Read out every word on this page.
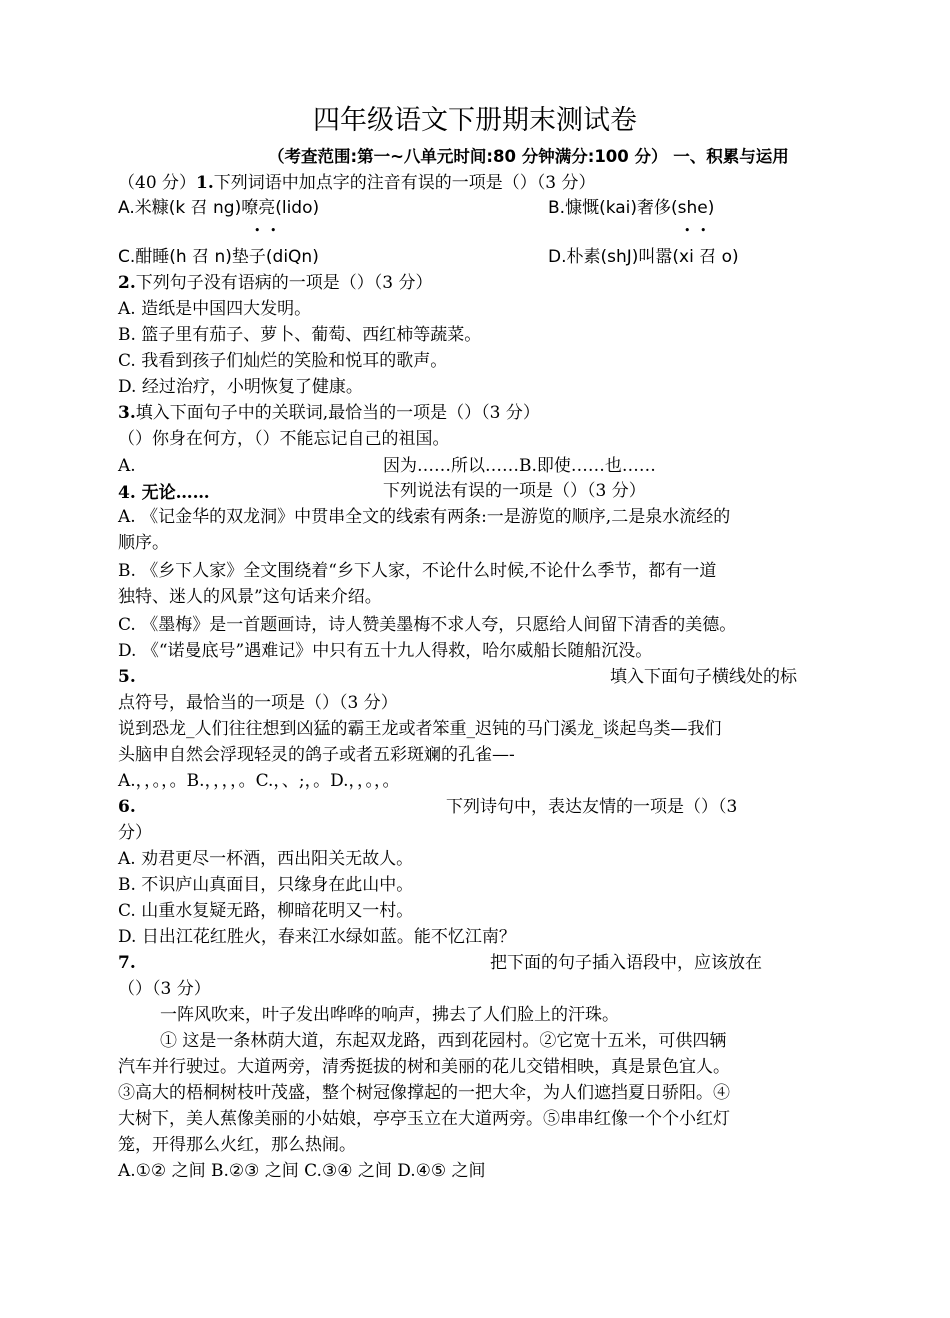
四年级语文下册期末测试卷
（考查范围:第一~八单元时间:80 分钟满分:100 分） 一、积累与运用
（40 分）1.下列词语中加点字的注音有误的一项是（）（3 分）
A.米糠(k 召 ng)嘹亮(lido)	B.慷慨(kai)奢侈(she)
• •	• •
C.酣睡(h 召 n)垫子(diQn)	D.朴素(shJ)叫嚣(xi 召 o)
2.下列句子没有语病的一项是（）（3 分）
A. 造纸是中国四大发明。
B. 篮子里有茄子、萝卜、葡萄、西红柿等蔬菜。
C. 我看到孩子们灿烂的笑脸和悦耳的歌声。
D. 经过治疗，小明恢复了健康。
3.填入下面句子中的关联词,最恰当的一项是（）（3 分）
（）你身在何方，（）不能忘记自己的祖国。
A.	因为……所以……B.即使……也……
4. 无论……	下列说法有误的一项是（）（3 分）
A. 《记金华的双龙洞》中贯串全文的线索有两条:一是游览的顺序,二是泉水流经的
顺序。
B. 《乡下人家》全文围绕着“乡下人家，不论什么时候,不论什么季节，都有一道
独特、迷人的风景”这句话来介绍。
C. 《墨梅》是一首题画诗，诗人赞美墨梅不求人夸，只愿给人间留下清香的美德。
D. 《“诺曼底号”遇难记》中只有五十九人得救，哈尔威船长随船沉没。
5.	填入下面句子横线处的标
点符号，最恰当的一项是（）（3 分）
说到恐龙_人们往往想到凶猛的霸王龙或者笨重_迟钝的马门溪龙_谈起鸟类—我们
头脑申自然会浮现轻灵的鸽子或者五彩斑斓的孔雀—-
A.，，。，。B.，，，，。C.，、;，。D.，，。，。
6.	下列诗句中，表达友情的一项是（）（3
分）
A. 劝君更尽一杯酒，西出阳关无故人。
B. 不识庐山真面目，只缘身在此山中。
C. 山重水复疑无路，柳暗花明又一村。
D. 日出江花红胜火，春来江水绿如蓝。能不忆江南？
7.	把下面的句子插入语段中，应该放在
（）（3 分）
一阵风吹来，叶子发出哗哗的响声，拂去了人们脸上的汗珠。
① 这是一条林荫大道，东起双龙路，西到花园村。②它宽十五米，可供四辆
汽车并行驶过。大道两旁，清秀挺拔的树和美丽的花儿交错相映，真是景色宜人。
③高大的梧桐树枝叶茂盛，整个树冠像撑起的一把大伞，为人们遮挡夏日骄阳。④
大树下，美人蕉像美丽的小姑娘，亭亭玉立在大道两旁。⑤串串红像一个个小红灯
笼，开得那么火红，那么热闹。
A.①② 之间 B.②③ 之间 C.③④ 之间 D.④⑤ 之间
